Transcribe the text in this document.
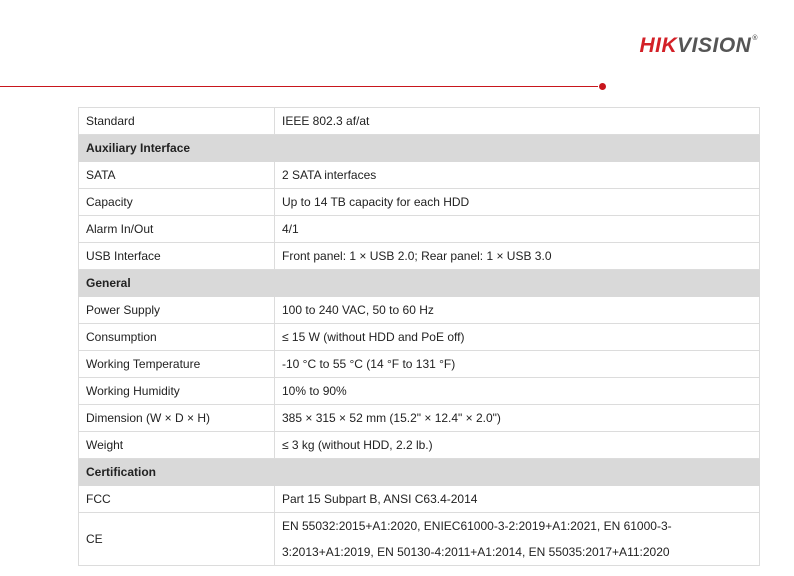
HIKVISION®
Standard	IEEE 802.3 af/at
Auxiliary Interface	
SATA	2 SATA interfaces
Capacity	Up to 14 TB capacity for each HDD
Alarm In/Out	4/1
USB Interface	Front panel: 1 × USB 2.0; Rear panel: 1 × USB 3.0
General	
Power Supply	100 to 240 VAC, 50 to 60 Hz
Consumption	≤ 15 W (without HDD and PoE off)
Working Temperature	-10 °C to 55 °C (14 °F to 131 °F)
Working Humidity	10% to 90%
Dimension (W × D × H)	385 × 315 × 52 mm (15.2" × 12.4" × 2.0")
Weight	≤ 3 kg (without HDD, 2.2 lb.)
Certification	
FCC	Part 15 Subpart B, ANSI C63.4-2014
CE	EN 55032:2015+A1:2020, ENIEC61000-3-2:2019+A1:2021, EN 61000-3-3:2013+A1:2019, EN 50130-4:2011+A1:2014, EN 55035:2017+A11:2020
